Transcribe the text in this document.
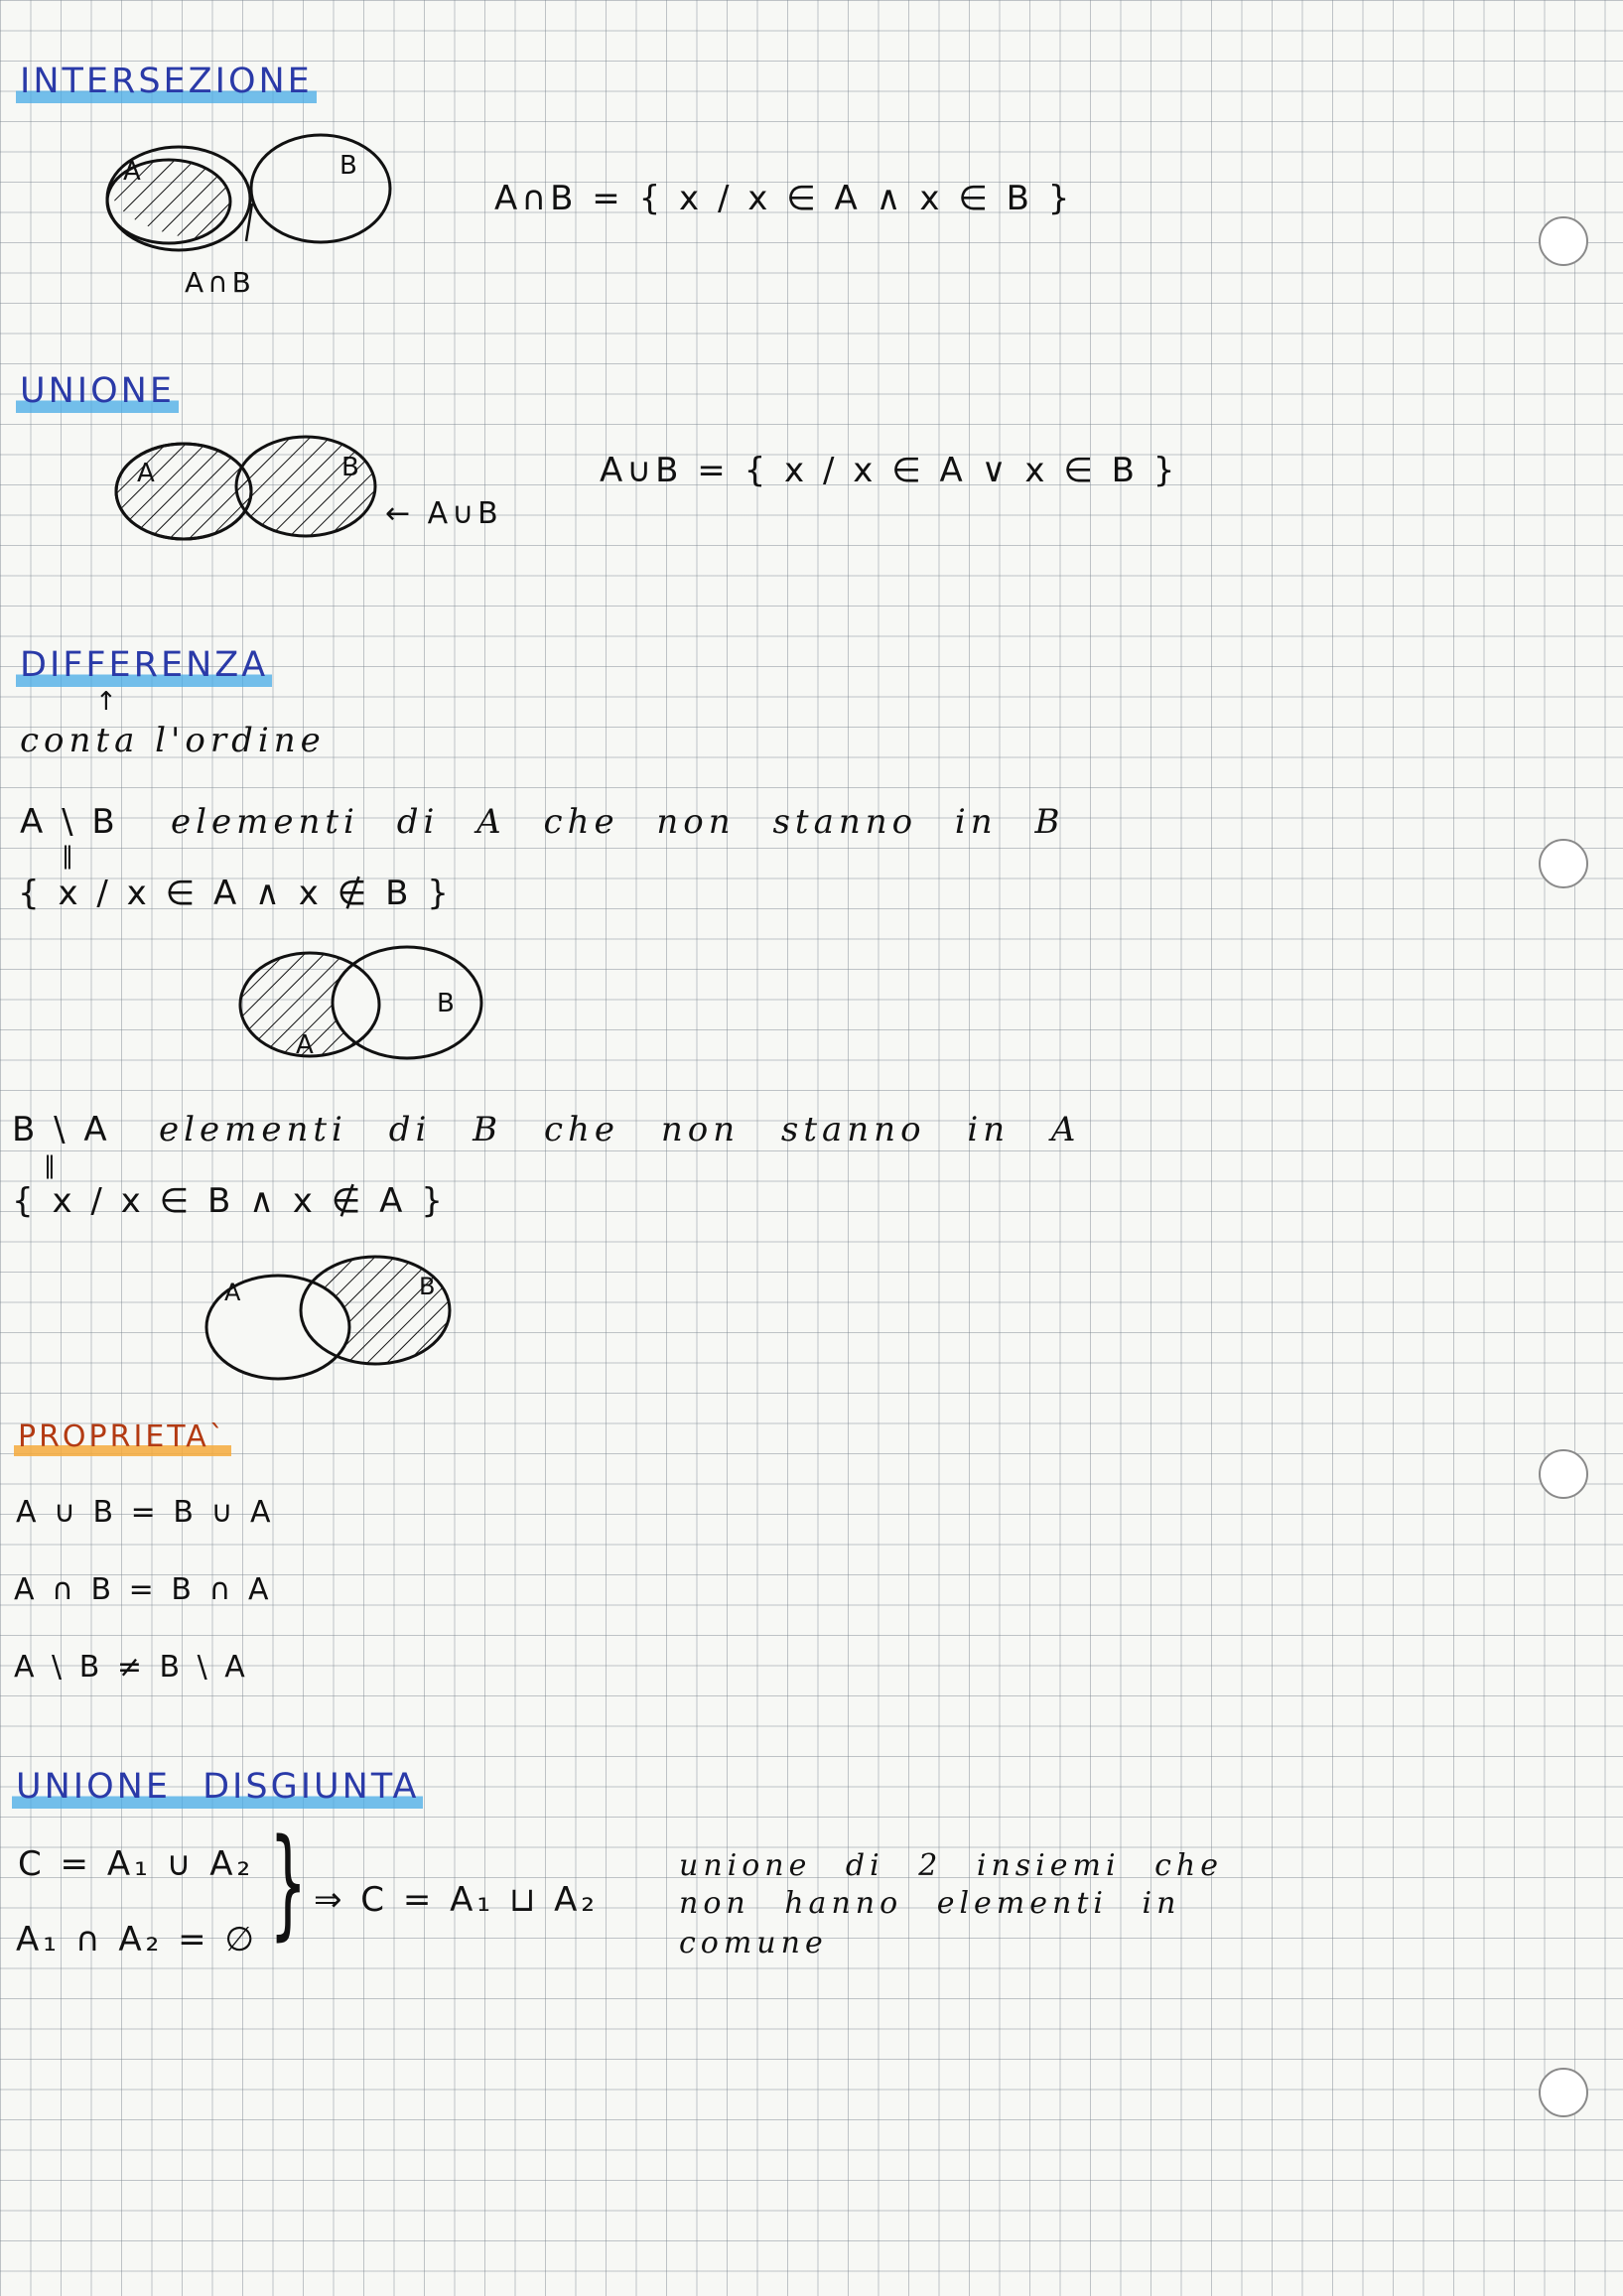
INTERSEZIONE
A	B
A∩B
A∩B = { x / x ∈ A ∧ x ∈ B }
UNIONE
A	B
← A∪B
A∪B = { x / x ∈ A ∨ x ∈ B }
DIFFERENZA
↑
conta l'ordine
A \ B elementi di A che non stanno in B
‖
{ x / x ∈ A ∧ x ∉ B }
A
B
B \ A elementi di B che non stanno in A
‖
{ x / x ∈ B ∧ x ∉ A }
A	B
PROPRIETA`
A ∪ B = B ∪ A
A ∩ B = B ∩ A
A \ B ≠ B \ A
UNIONE DISGIUNTA
C = A₁ ∪ A₂
A₁ ∩ A₂ = ∅ } ⇒ C = A₁ ⊔ A₂
unione di 2 insiemi che
non hanno elementi in
comune
